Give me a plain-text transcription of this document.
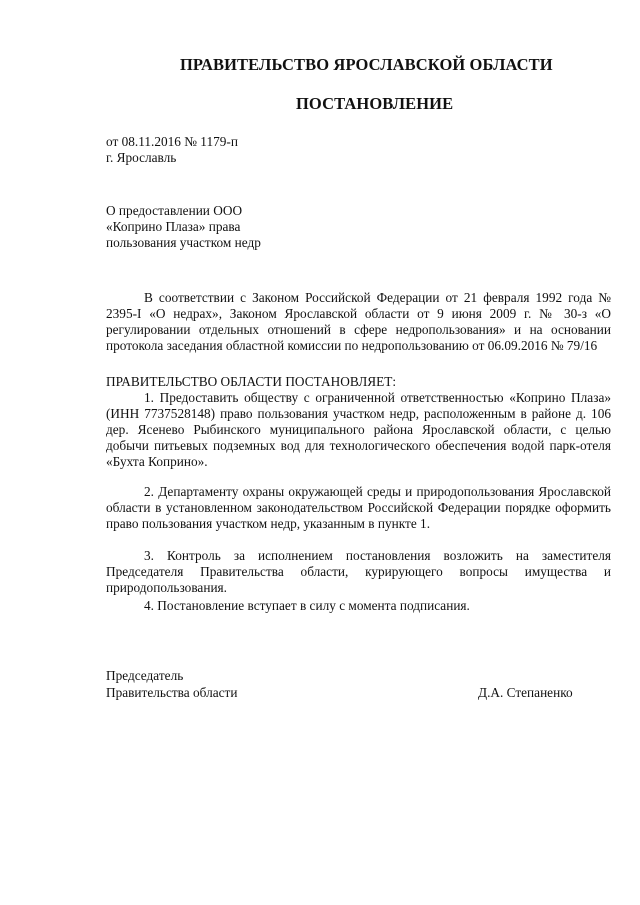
ПРАВИТЕЛЬСТВО ЯРОСЛАВСКОЙ ОБЛАСТИ
ПОСТАНОВЛЕНИЕ
от 08.11.2016 № 1179-п
г. Ярославль
О предоставлении ООО
«Коприно Плаза» права
пользования участком недр
В соответствии с Законом Российской Федерации от 21 февраля 1992 года № 2395-I «О недрах», Законом Ярославской области от 9 июня 2009 г. № 30-з «О регулировании отдельных отношений в сфере недропользования» и на основании протокола заседания областной комиссии по недропользованию от 06.09.2016 № 79/16
ПРАВИТЕЛЬСТВО ОБЛАСТИ ПОСТАНОВЛЯЕТ:
1. Предоставить обществу с ограниченной ответственностью «Коприно Плаза» (ИНН 7737528148) право пользования участком недр, расположенным в районе д. 106 дер. Ясенево Рыбинского муниципального района Ярославской области, с целью добычи питьевых подземных вод для технологического обеспечения водой парк-отеля «Бухта Коприно».
2. Департаменту охраны окружающей среды и природопользования Ярославской области в установленном законодательством Российской Федерации порядке оформить право пользования участком недр, указанным в пункте 1.
3. Контроль за исполнением постановления возложить на заместителя Председателя Правительства области, курирующего вопросы имущества и природопользования.
4. Постановление вступает в силу с момента подписания.
Председатель
Правительства области	Д.А. Степаненко
